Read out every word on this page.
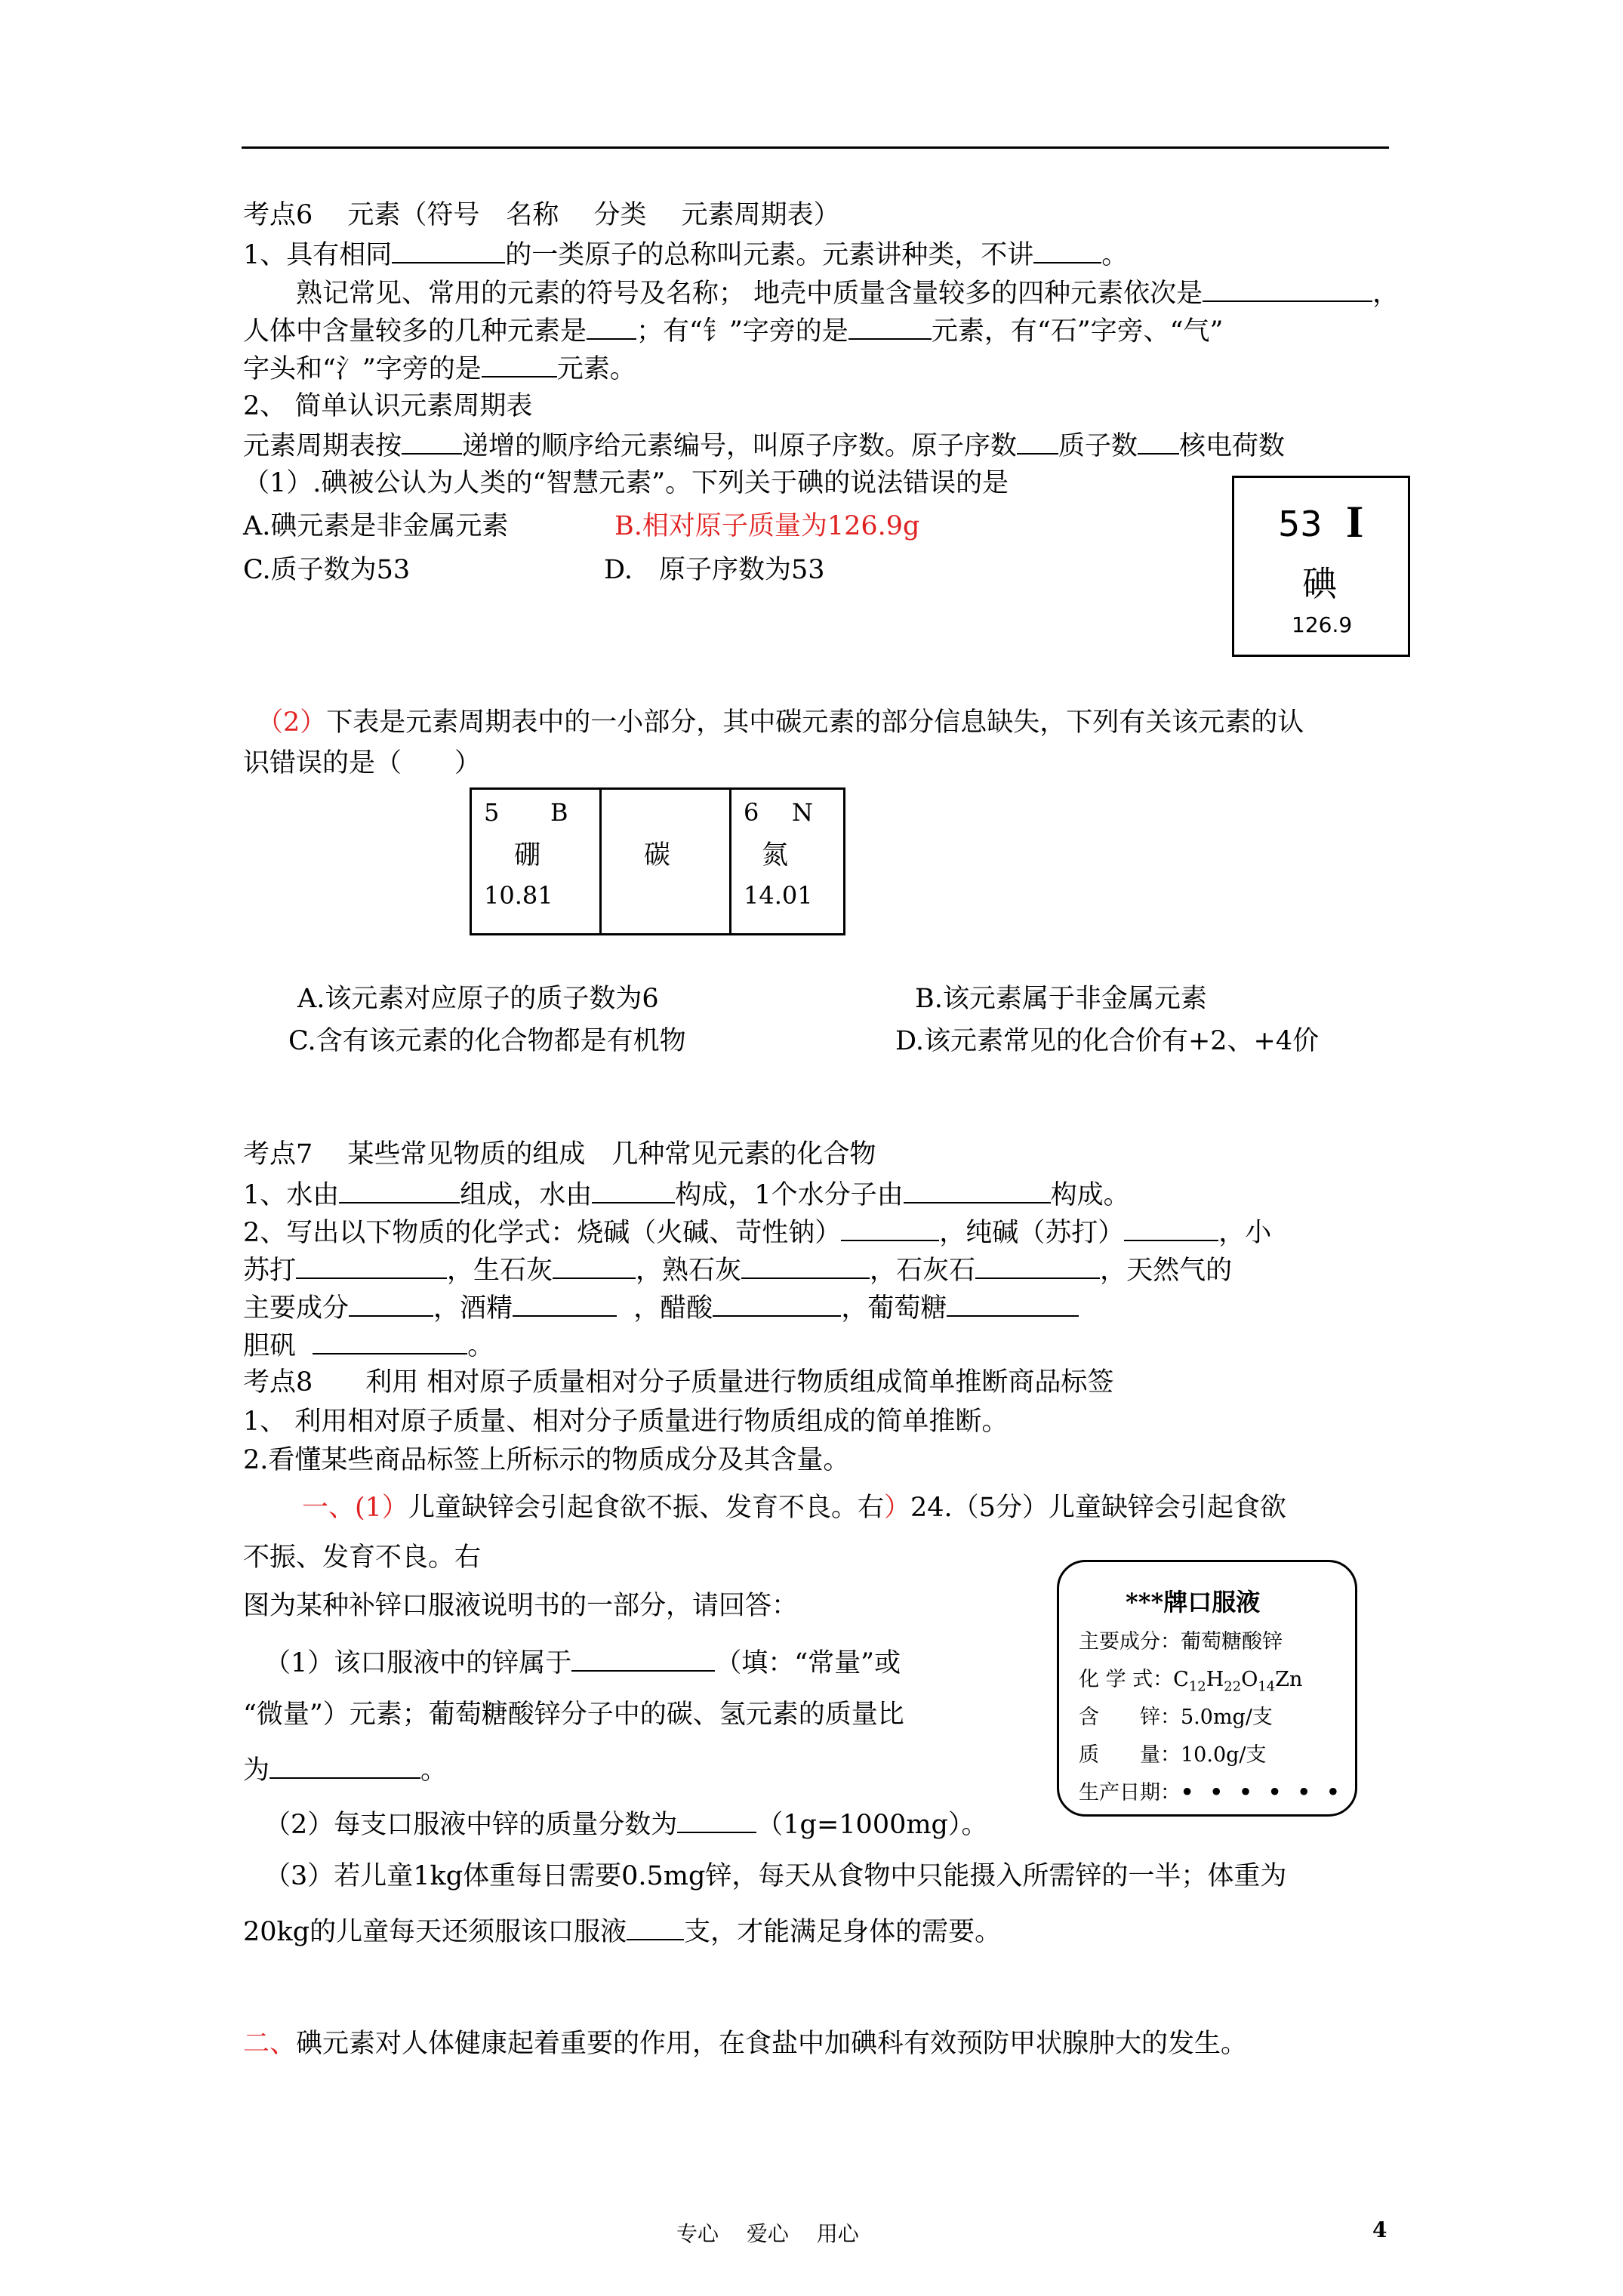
考点6　 元素（符号　名称　 分类　 元素周期表）
1、具有相同	的一类原子的总称叫元素。元素讲种类，不讲	。
熟记常见、常用的元素的符号及名称； 地壳中质量含量较多的四种元素依次是	，
人体中含量较多的几种元素是 ；有“钅”字旁的是	元素，有“石”字旁、“气”
字头和“氵”字旁的是	元素。
2、 简单认识元素周期表
元素周期表按 递增的顺序给元素编号，叫原子序数。原子序数 质子数 核电荷数
（1）.碘被公认为人类的“智慧元素”。下列关于碘的说法错误的是
A.碘元素是非金属元素	B.相对原子质量为126.9g
C.质子数为53	D.　原子序数为53
53 I
碘
126.9
（2）下表是元素周期表中的一小部分，其中碳元素的部分信息缺失，下列有关该元素的认
识错误的是（　　）
5 B
硼
10.81
碳
6 N
氮
14.01
A.该元素对应原子的质子数为6	B.该元素属于非金属元素
C.含有该元素的化合物都是有机物	D.该元素常见的化合价有+2、+4价
考点7　 某些常见物质的组成　几种常见元素的化合物
1、水由	组成，水由	构成，1个水分子由	构成。
2、写出以下物质的化学式：烧碱（火碱、苛性钠）	，纯碱（苏打）	，小
苏打	，生石灰	，熟石灰	，石灰石	，天然气的
主要成分	，酒精	，醋酸	，葡萄糖
胆矾	。
考点8　　利用 相对原子质量相对分子质量进行物质组成简单推断商品标签
1、 利用相对原子质量、相对分子质量进行物质组成的简单推断。
2.看懂某些商品标签上所标示的物质成分及其含量。
一、(1）儿童缺锌会引起食欲不振、发育不良。右）24.（5分）儿童缺锌会引起食欲
不振、发育不良。右
图为某种补锌口服液说明书的一部分，请回答：
（1）该口服液中的锌属于	（填：“常量”或
“微量”）元素；葡萄糖酸锌分子中的碳、氢元素的质量比
为	。
（2）每支口服液中锌的质量分数为	（1g=1000mg）。
（3）若儿童1kg体重每日需要0.5mg锌，每天从食物中只能摄入所需锌的一半；体重为
20kg的儿童每天还须服该口服液 支，才能满足身体的需要。
***牌口服液
主要成分：葡萄糖酸锌
化 学 式：$C_{12}H_{22}O_{14}Zn$
含　　锌：5.0mg/支
质　　量：10.0g/支
生产日期：• • • • • •
二、碘元素对人体健康起着重要的作用，在食盐中加碘科有效预防甲状腺肿大的发生。
专心　 爱心　 用心	4
